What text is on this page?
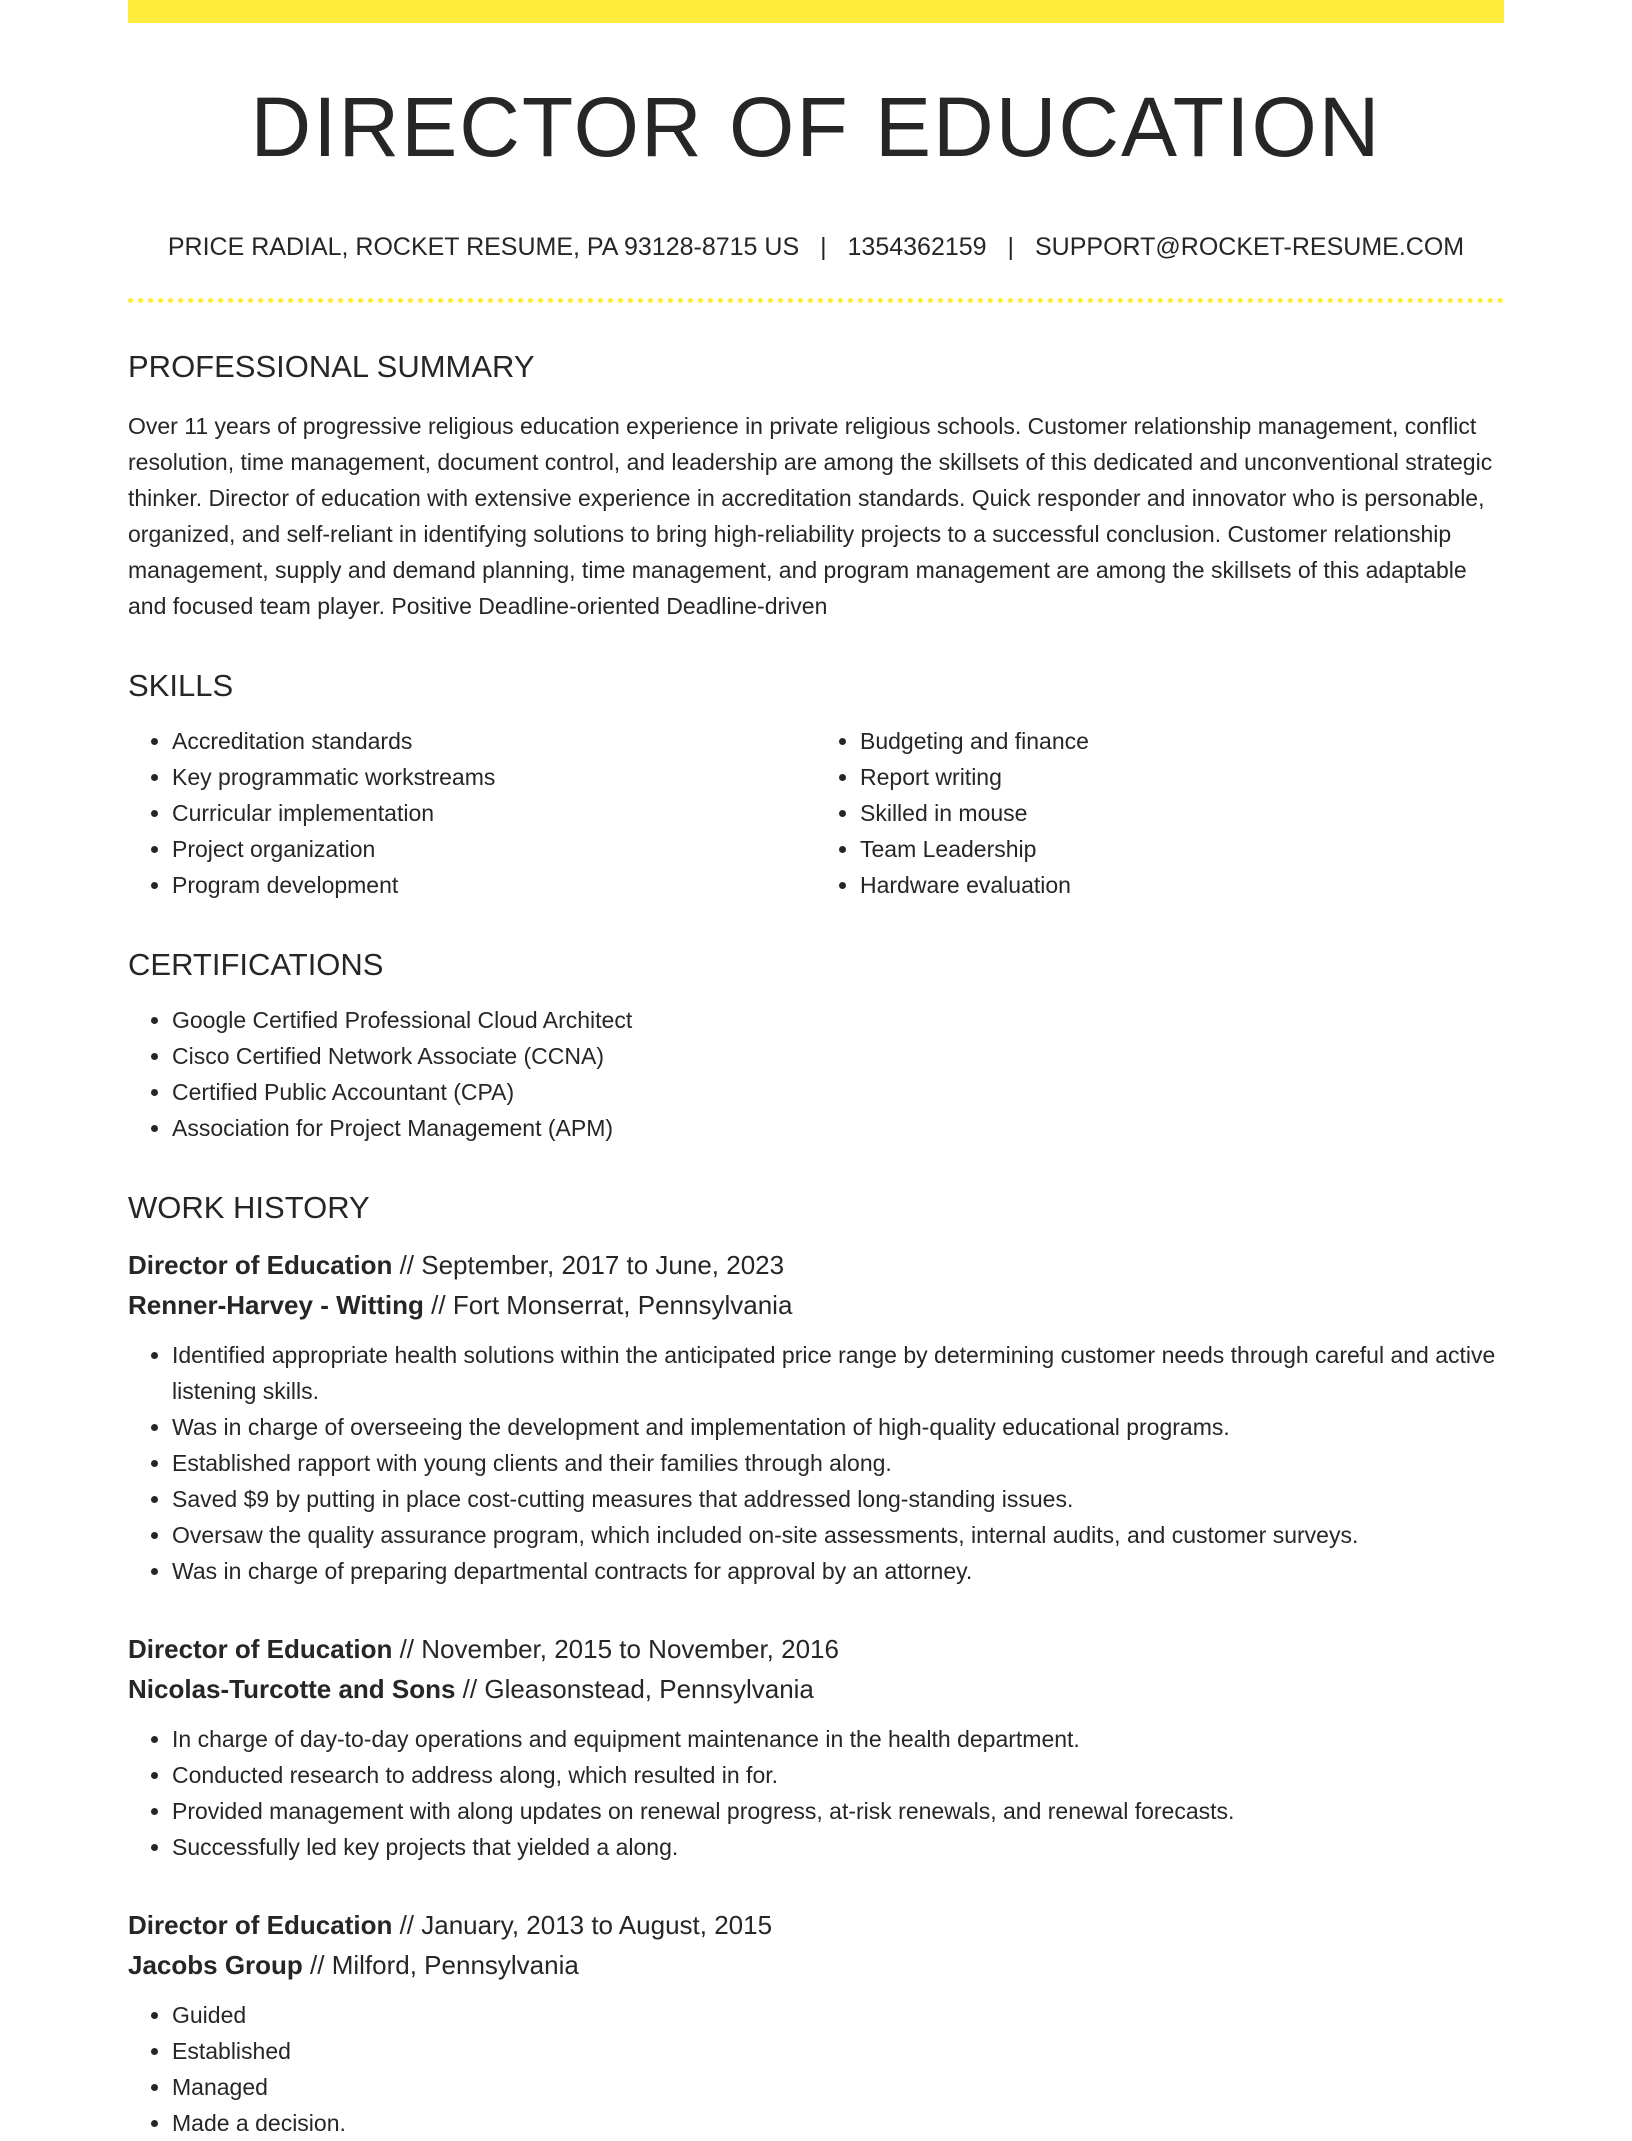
DIRECTOR OF EDUCATION
PRICE RADIAL, ROCKET RESUME, PA 93128-8715 US | 1354362159 | SUPPORT@ROCKET-RESUME.COM
PROFESSIONAL SUMMARY

Over 11 years of progressive religious education experience in private religious schools. Customer relationship management, conflict resolution, time management, document control, and leadership are among the skillsets of this dedicated and unconventional strategic thinker. Director of education with extensive experience in accreditation standards. Quick responder and innovator who is personable, organized, and self-reliant in identifying solutions to bring high-reliability projects to a successful conclusion. Customer relationship management, supply and demand planning, time management, and program management are among the skillsets of this adaptable and focused team player. Positive Deadline-oriented Deadline-driven

SKILLS
• Accreditation standards
• Key programmatic workstreams
• Curricular implementation
• Project organization
• Program development
• Budgeting and finance
• Report writing
• Skilled in mouse
• Team Leadership
• Hardware evaluation
CERTIFICATIONS
• Google Certified Professional Cloud Architect
• Cisco Certified Network Associate (CCNA)
• Certified Public Accountant (CPA)
• Association for Project Management (APM)
WORK HISTORY
Director of Education // September, 2017 to June, 2023
Renner-Harvey - Witting // Fort Monserrat, Pennsylvania
• Identified appropriate health solutions within the anticipated price range by determining customer needs through careful and active listening skills.
• Was in charge of overseeing the development and implementation of high-quality educational programs.
• Established rapport with young clients and their families through along.
• Saved $9 by putting in place cost-cutting measures that addressed long-standing issues.
• Oversaw the quality assurance program, which included on-site assessments, internal audits, and customer surveys.
• Was in charge of preparing departmental contracts for approval by an attorney.
Director of Education // November, 2015 to November, 2016
Nicolas-Turcotte and Sons // Gleasonstead, Pennsylvania
• In charge of day-to-day operations and equipment maintenance in the health department.
• Conducted research to address along, which resulted in for.
• Provided management with along updates on renewal progress, at-risk renewals, and renewal forecasts.
• Successfully led key projects that yielded a along.
Director of Education // January, 2013 to August, 2015
Jacobs Group // Milford, Pennsylvania
• Guided
• Established
• Managed
• Made a decision.
